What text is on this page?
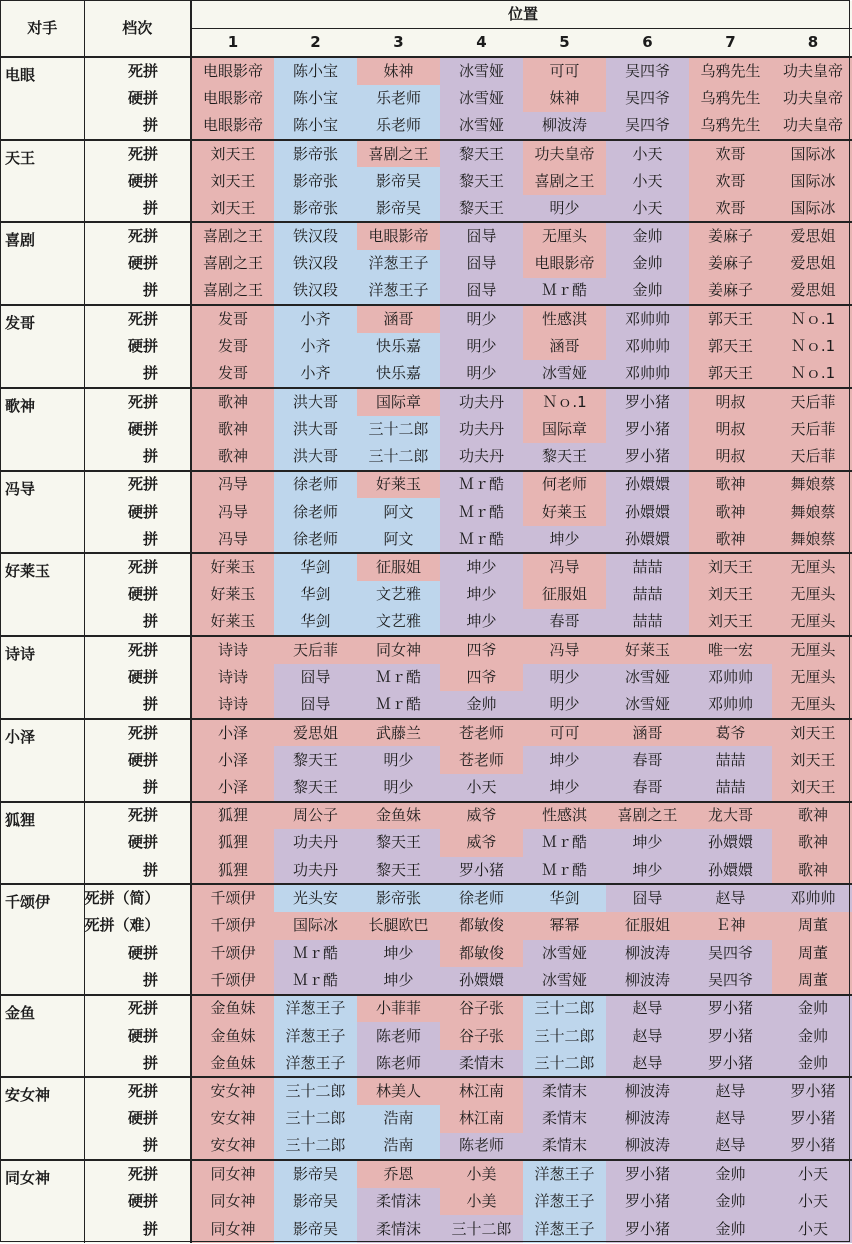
对手	档次	位置							
		1	2	3	4	5	6	7	8
电眼	死拼	电眼影帝	陈小宝	妹神	冰雪娅	可可	吴四爷	乌鸦先生	功夫皇帝
	硬拼	电眼影帝	陈小宝	乐老师	冰雪娅	妹神	吴四爷	乌鸦先生	功夫皇帝
	拼	电眼影帝	陈小宝	乐老师	冰雪娅	柳波涛	吴四爷	乌鸦先生	功夫皇帝
天王	死拼	刘天王	影帝张	喜剧之王	黎天王	功夫皇帝	小天	欢哥	国际冰
	硬拼	刘天王	影帝张	影帝吴	黎天王	喜剧之王	小天	欢哥	国际冰
	拼	刘天王	影帝张	影帝吴	黎天王	明少	小天	欢哥	国际冰
喜剧	死拼	喜剧之王	铁汉段	电眼影帝	囧导	无厘头	金帅	姜麻子	爱思姐
	硬拼	喜剧之王	铁汉段	洋葱王子	囧导	电眼影帝	金帅	姜麻子	爱思姐
	拼	喜剧之王	铁汉段	洋葱王子	囧导	Ｍｒ酷	金帅	姜麻子	爱思姐
发哥	死拼	发哥	小齐	涵哥	明少	性感淇	邓帅帅	郭天王	Ｎｏ.1
	硬拼	发哥	小齐	快乐嘉	明少	涵哥	邓帅帅	郭天王	Ｎｏ.1
	拼	发哥	小齐	快乐嘉	明少	冰雪娅	邓帅帅	郭天王	Ｎｏ.1
歌神	死拼	歌神	洪大哥	国际章	功夫丹	Ｎｏ.1	罗小猪	明叔	天后菲
	硬拼	歌神	洪大哥	三十二郎	功夫丹	国际章	罗小猪	明叔	天后菲
	拼	歌神	洪大哥	三十二郎	功夫丹	黎天王	罗小猪	明叔	天后菲
冯导	死拼	冯导	徐老师	好莱玉	Ｍｒ酷	何老师	孙嬛嬛	歌神	舞娘蔡
	硬拼	冯导	徐老师	阿文	Ｍｒ酷	好莱玉	孙嬛嬛	歌神	舞娘蔡
	拼	冯导	徐老师	阿文	Ｍｒ酷	坤少	孙嬛嬛	歌神	舞娘蔡
好莱玉	死拼	好莱玉	华剑	征服姐	坤少	冯导	喆喆	刘天王	无厘头
	硬拼	好莱玉	华剑	文艺雅	坤少	征服姐	喆喆	刘天王	无厘头
	拼	好莱玉	华剑	文艺雅	坤少	春哥	喆喆	刘天王	无厘头
诗诗	死拼	诗诗	天后菲	同女神	四爷	冯导	好莱玉	唯一宏	无厘头
	硬拼	诗诗	囧导	Ｍｒ酷	四爷	明少	冰雪娅	邓帅帅	无厘头
	拼	诗诗	囧导	Ｍｒ酷	金帅	明少	冰雪娅	邓帅帅	无厘头
小泽	死拼	小泽	爱思姐	武藤兰	苍老师	可可	涵哥	葛爷	刘天王
	硬拼	小泽	黎天王	明少	苍老师	坤少	春哥	喆喆	刘天王
	拼	小泽	黎天王	明少	小天	坤少	春哥	喆喆	刘天王
狐狸	死拼	狐狸	周公子	金鱼妹	威爷	性感淇	喜剧之王	龙大哥	歌神
	硬拼	狐狸	功夫丹	黎天王	威爷	Ｍｒ酷	坤少	孙嬛嬛	歌神
	拼	狐狸	功夫丹	黎天王	罗小猪	Ｍｒ酷	坤少	孙嬛嬛	歌神
千颂伊	死拼（简）	千颂伊	光头安	影帝张	徐老师	华剑	囧导	赵导	邓帅帅
	死拼（难）	千颂伊	国际冰	长腿欧巴	都敏俊	幂幂	征服姐	Ｅ神	周董
	硬拼	千颂伊	Ｍｒ酷	坤少	都敏俊	冰雪娅	柳波涛	吴四爷	周董
	拼	千颂伊	Ｍｒ酷	坤少	孙嬛嬛	冰雪娅	柳波涛	吴四爷	周董
金鱼	死拼	金鱼妹	洋葱王子	小菲菲	谷子张	三十二郎	赵导	罗小猪	金帅
	硬拼	金鱼妹	洋葱王子	陈老师	谷子张	三十二郎	赵导	罗小猪	金帅
	拼	金鱼妹	洋葱王子	陈老师	柔情末	三十二郎	赵导	罗小猪	金帅
安女神	死拼	安女神	三十二郎	林美人	林江南	柔情末	柳波涛	赵导	罗小猪
	硬拼	安女神	三十二郎	浩南	林江南	柔情末	柳波涛	赵导	罗小猪
	拼	安女神	三十二郎	浩南	陈老师	柔情末	柳波涛	赵导	罗小猪
同女神	死拼	同女神	影帝吴	乔恩	小美	洋葱王子	罗小猪	金帅	小天
	硬拼	同女神	影帝吴	柔情沫	小美	洋葱王子	罗小猪	金帅	小天
	拼	同女神	影帝吴	柔情沫	三十二郎	洋葱王子	罗小猪	金帅	小天
